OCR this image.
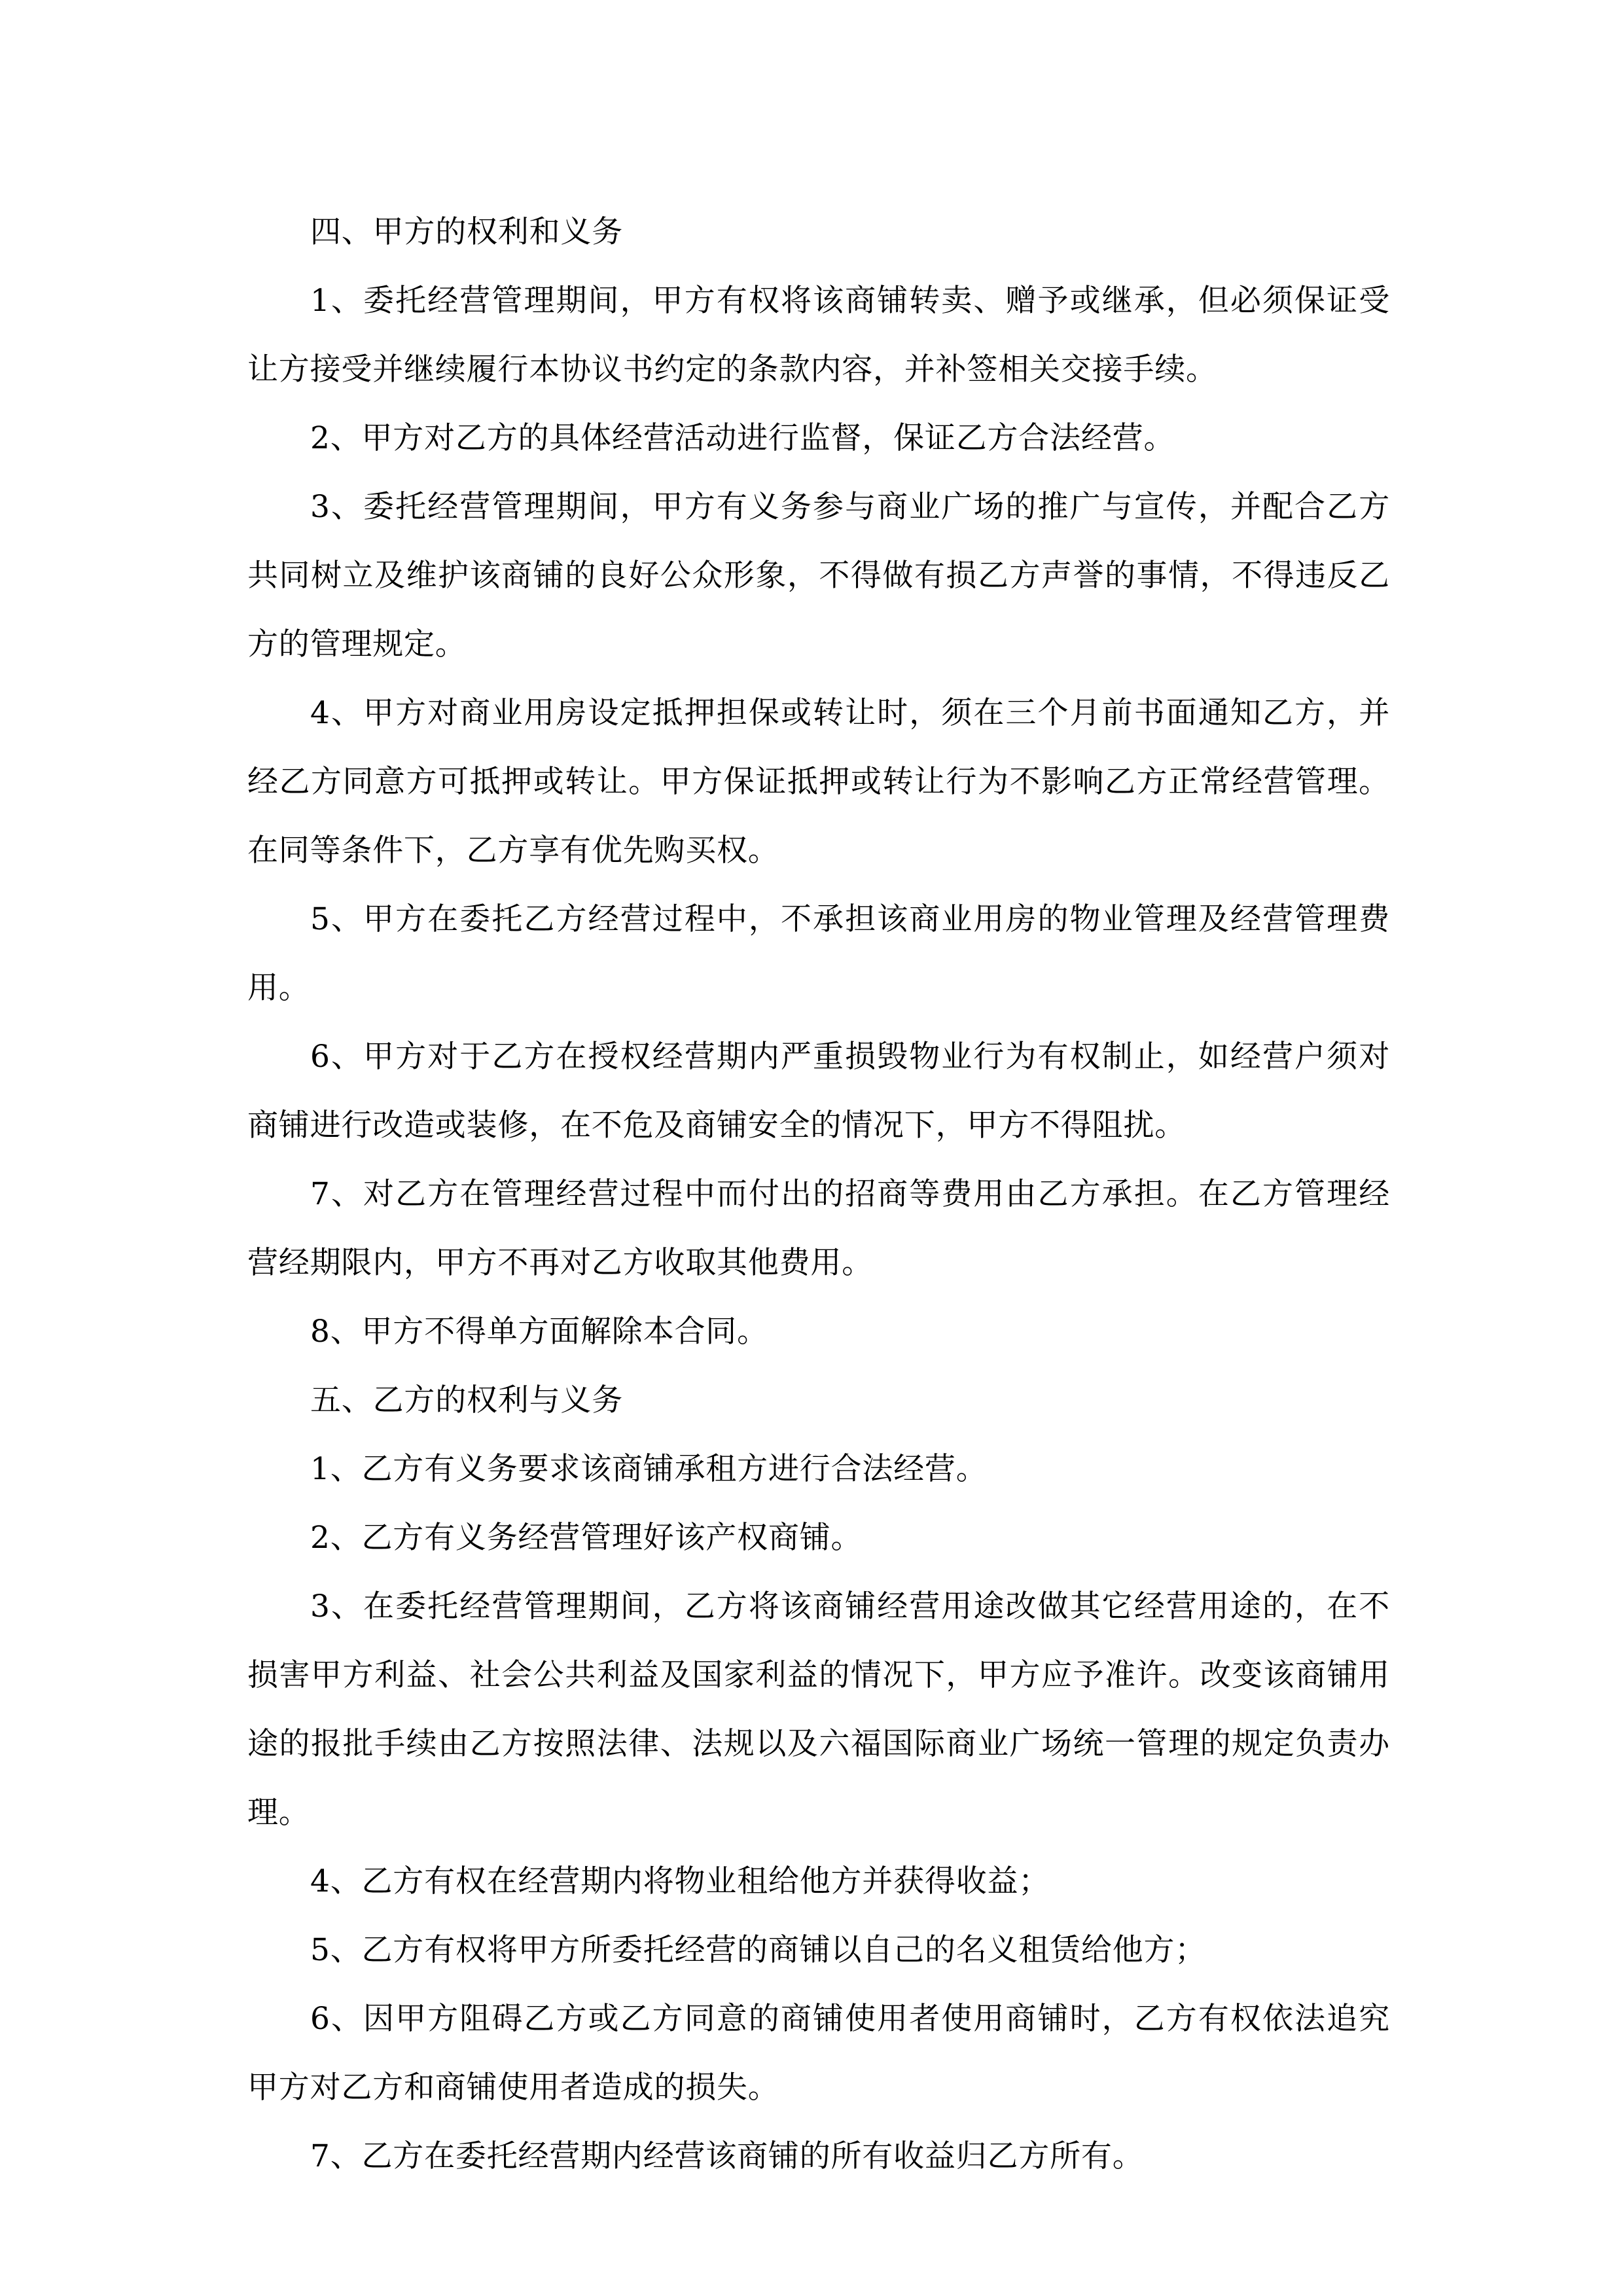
四、甲方的权利和义务

1、委托经营管理期间，甲方有权将该商铺转卖、赠予或继承，但必须保证受让方接受并继续履行本协议书约定的条款内容，并补签相关交接手续。

2、甲方对乙方的具体经营活动进行监督，保证乙方合法经营。

3、委托经营管理期间，甲方有义务参与商业广场的推广与宣传，并配合乙方共同树立及维护该商铺的良好公众形象，不得做有损乙方声誉的事情，不得违反乙方的管理规定。

4、甲方对商业用房设定抵押担保或转让时，须在三个月前书面通知乙方，并经乙方同意方可抵押或转让。甲方保证抵押或转让行为不影响乙方正常经营管理。在同等条件下，乙方享有优先购买权。

5、甲方在委托乙方经营过程中，不承担该商业用房的物业管理及经营管理费用。

6、甲方对于乙方在授权经营期内严重损毁物业行为有权制止，如经营户须对商铺进行改造或装修，在不危及商铺安全的情况下，甲方不得阻扰。

7、对乙方在管理经营过程中而付出的招商等费用由乙方承担。在乙方管理经营经期限内，甲方不再对乙方收取其他费用。

8、甲方不得单方面解除本合同。

五、乙方的权利与义务

1、乙方有义务要求该商铺承租方进行合法经营。

2、乙方有义务经营管理好该产权商铺。

3、在委托经营管理期间，乙方将该商铺经营用途改做其它经营用途的，在不损害甲方利益、社会公共利益及国家利益的情况下，甲方应予准许。改变该商铺用途的报批手续由乙方按照法律、法规以及六福国际商业广场统一管理的规定负责办理。

4、乙方有权在经营期内将物业租给他方并获得收益；

5、乙方有权将甲方所委托经营的商铺以自己的名义租赁给他方；

6、因甲方阻碍乙方或乙方同意的商铺使用者使用商铺时，乙方有权依法追究甲方对乙方和商铺使用者造成的损失。

7、乙方在委托经营期内经营该商铺的所有收益归乙方所有。
